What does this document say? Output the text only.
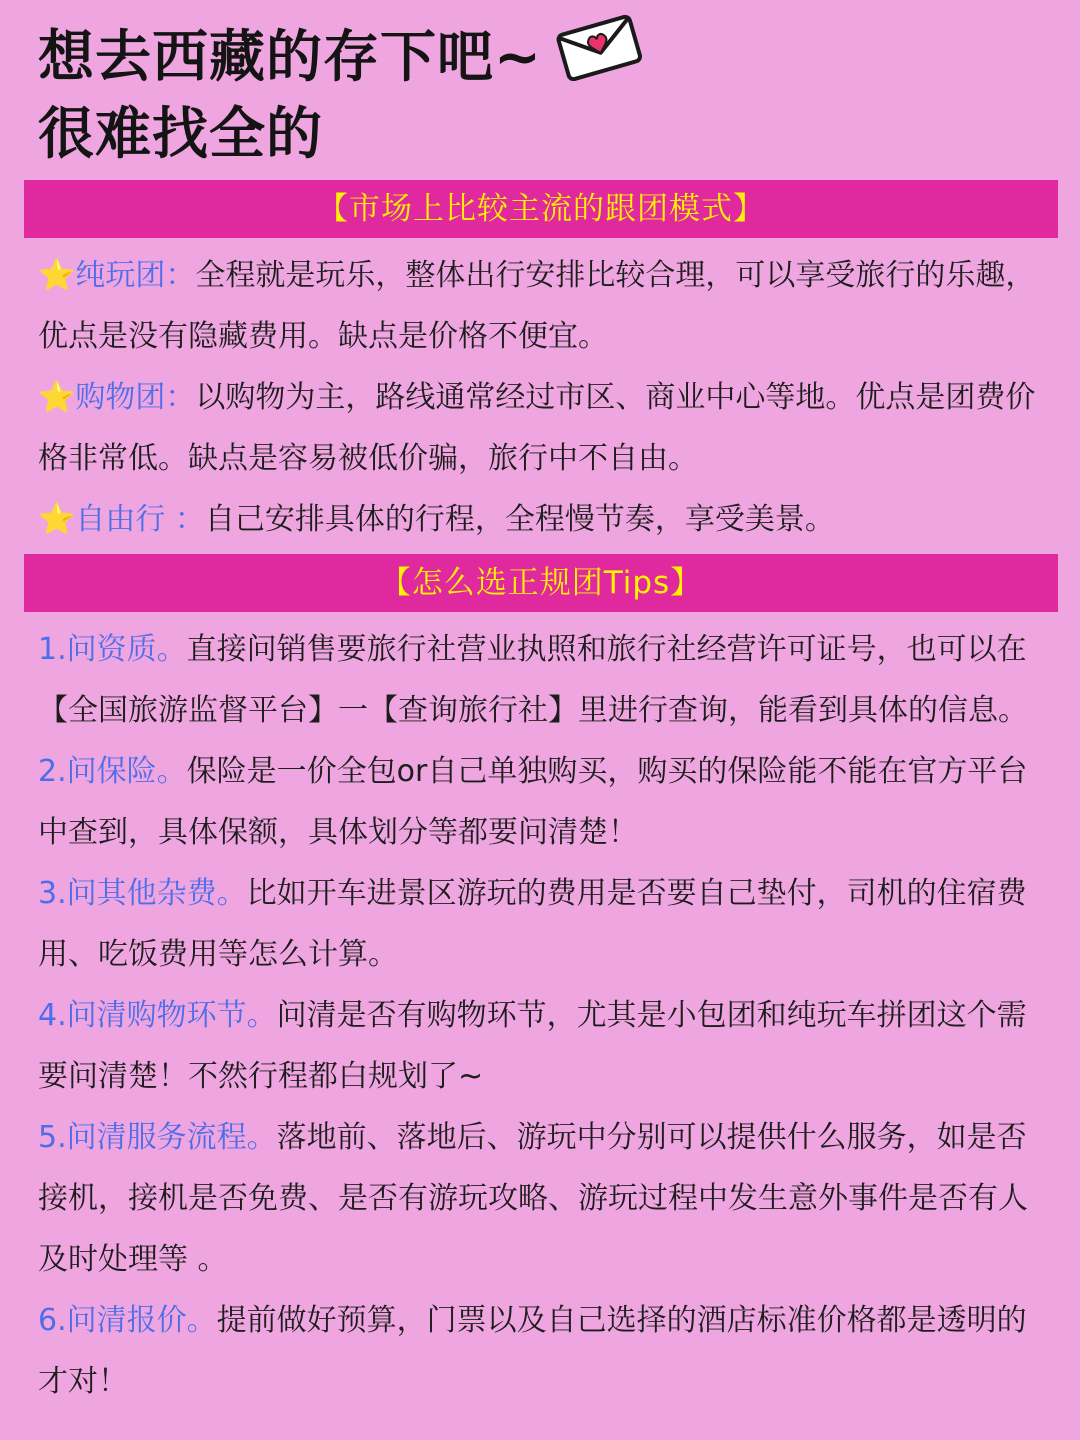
想去西藏的存下吧~
很难找全的
【市场上比较主流的跟团模式】

⭐纯玩团：全程就是玩乐，整体出行安排比较合理，可以享受旅行的乐趣，优点是没有隐藏费用。缺点是价格不便宜。

⭐购物团：以购物为主，路线通常经过市区、商业中心等地。优点是团费价格非常低。缺点是容易被低价骗，旅行中不自由。

⭐自由行 ：自己安排具体的行程，全程慢节奏，享受美景。

【怎么选正规团Tips】

1.问资质。直接问销售要旅行社营业执照和旅行社经营许可证号，也可以在【全国旅游监督平台】一【查询旅行社】里进行查询，能看到具体的信息。

2.问保险。保险是一价全包or自己单独购买，购买的保险能不能在官方平台中查到，具体保额，具体划分等都要问清楚！

3.问其他杂费。比如开车进景区游玩的费用是否要自己垫付，司机的住宿费用、吃饭费用等怎么计算。

4.问清购物环节。问清是否有购物环节，尤其是小包团和纯玩车拼团这个需要问清楚！不然行程都白规划了~

5.问清服务流程。落地前、落地后、游玩中分别可以提供什么服务，如是否接机，接机是否免费、是否有游玩攻略、游玩过程中发生意外事件是否有人及时处理等 。

6.问清报价。提前做好预算，门票以及自己选择的酒店标准价格都是透明的才对！
